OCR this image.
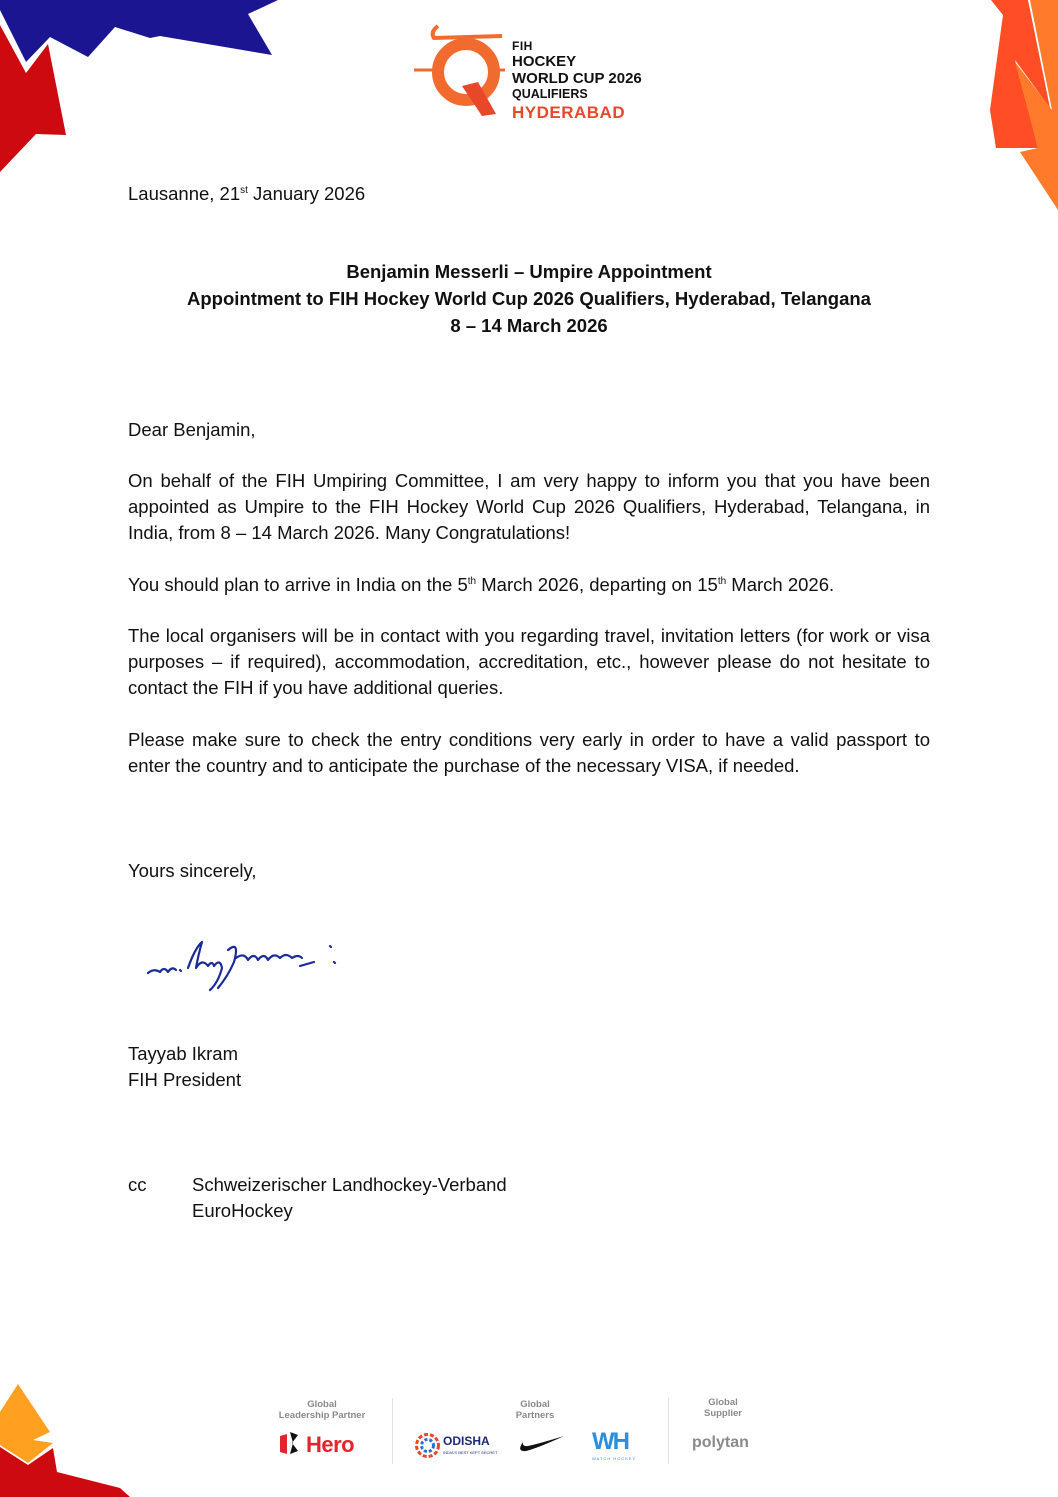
FIH
HOCKEY
WORLD CUP 2026
QUALIFIERS
HYDERABAD
Lausanne, 21st January 2026
Benjamin Messerli – Umpire Appointment
Appointment to FIH Hockey World Cup 2026 Qualifiers, Hyderabad, Telangana
8 – 14 March 2026
Dear Benjamin,
On behalf of the FIH Umpiring Committee, I am very happy to inform you that you have been appointed as Umpire to the FIH Hockey World Cup 2026 Qualifiers, Hyderabad, Telangana, in India, from 8 – 14 March 2026. Many Congratulations!
You should plan to arrive in India on the 5th March 2026, departing on 15th March 2026.
The local organisers will be in contact with you regarding travel, invitation letters (for work or visa purposes – if required), accommodation, accreditation, etc., however please do not hesitate to contact the FIH if you have additional queries.
Please make sure to check the entry conditions very early in order to have a valid passport to enter the country and to anticipate the purchase of the necessary VISA, if needed.
Yours sincerely,
Tayyab Ikram
FIH President
cc Schweizerischer Landhockey-Verband
EuroHockey
Global
Leadership Partner
Hero
Global
Partners
ODISHA
INDIA'S BEST KEPT SECRET	WH
WATCH HOCKEY
Global
Supplier
polytan
